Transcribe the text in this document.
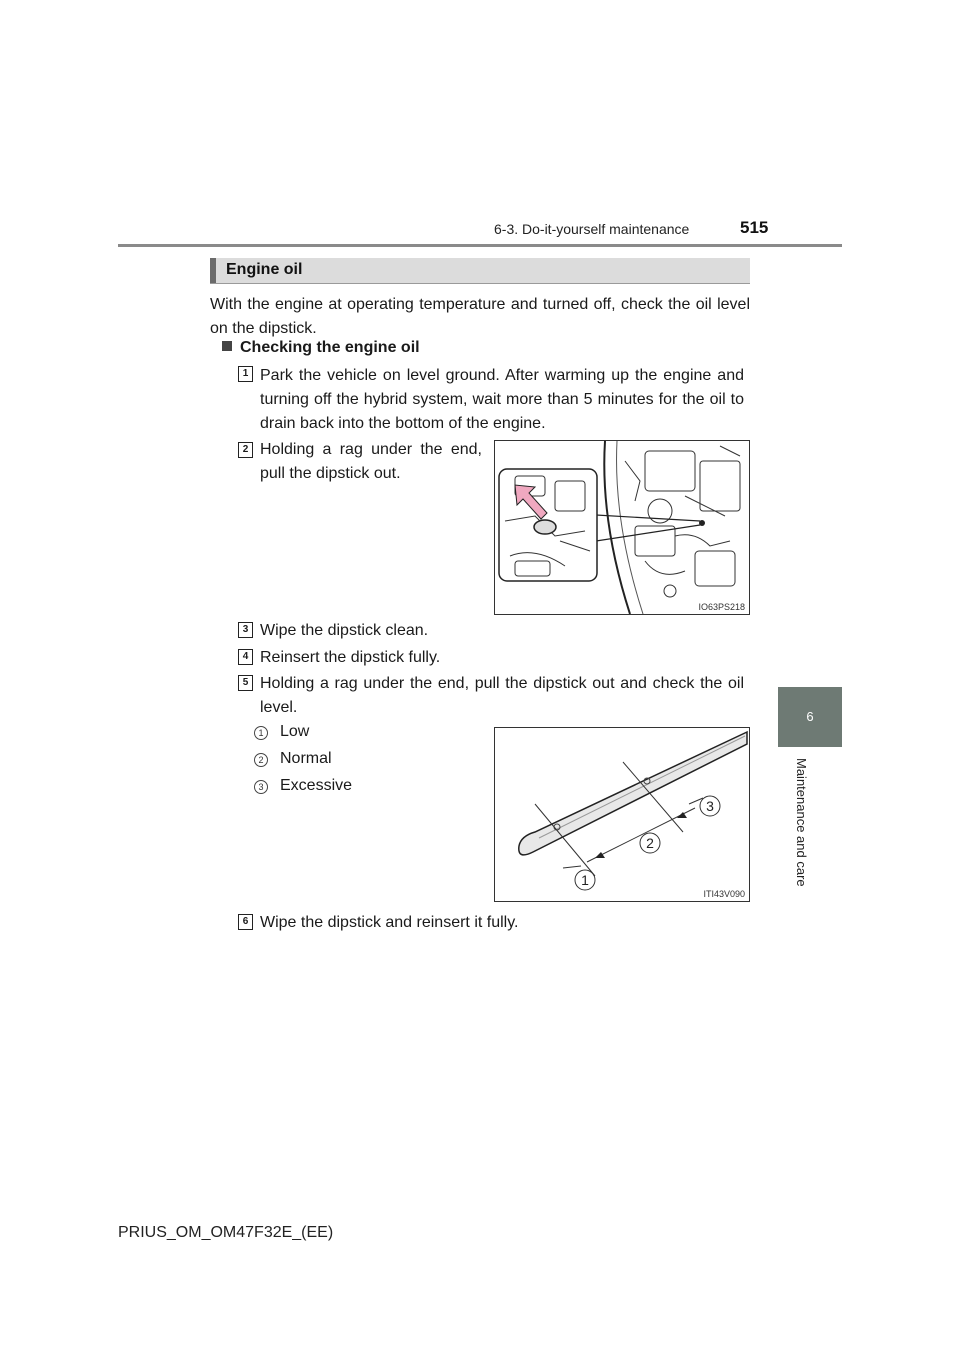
6-3. Do-it-yourself maintenance	515
6
Maintenance and care
Engine oil
With the engine at operating temperature and turned off, check the oil level on the dipstick.
Checking the engine oil
1 Park the vehicle on level ground. After warming up the engine and turning off the hybrid system, wait more than 5 minutes for the oil to drain back into the bottom of the engine.
2 Holding a rag under the end, pull the dipstick out.
IO63PS218
3 Wipe the dipstick clean.
4 Reinsert the dipstick fully.
5 Holding a rag under the end, pull the dipstick out and check the oil level.
1 Low
2 Normal
3 Excessive
3
2
1
ITI43V090
6 Wipe the dipstick and reinsert it fully.
PRIUS_OM_OM47F32E_(EE)
